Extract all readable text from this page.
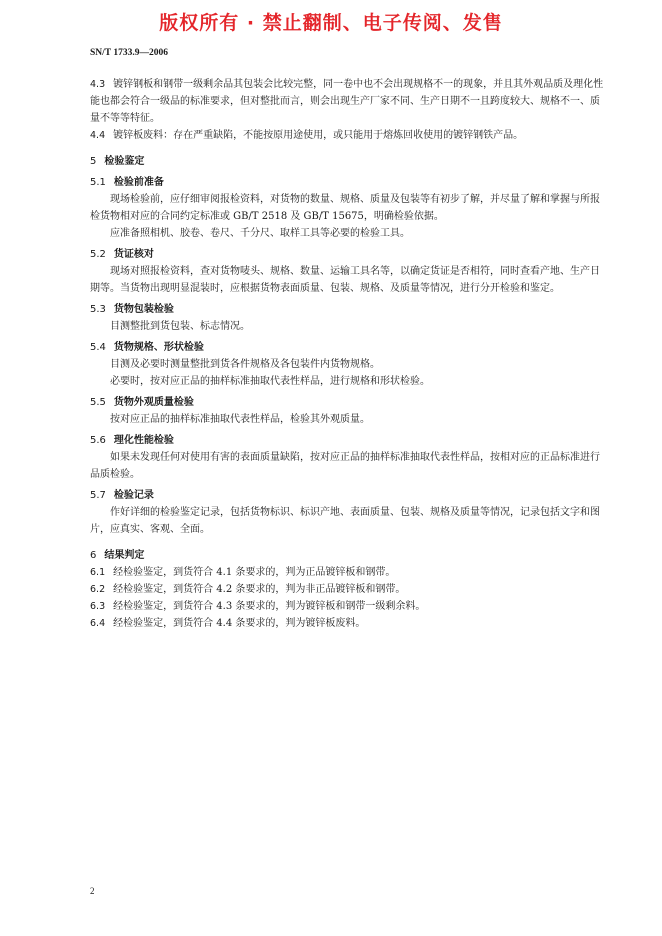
版权所有 · 禁止翻制、电子传阅、发售
SN/T 1733.9—2006

4.3 镀锌钢板和钢带一级剩余品其包装会比较完整，同一卷中也不会出现规格不一的现象，并且其外观品质及理化性能也都会符合一级品的标准要求，但对整批而言，则会出现生产厂家不同、生产日期不一且跨度较大、规格不一、质量不等等特征。

4.4 镀锌板废料：存在严重缺陷，不能按原用途使用，或只能用于熔炼回收使用的镀锌钢铁产品。

5 检验鉴定

5.1 检验前准备

现场检验前，应仔细审阅报检资料，对货物的数量、规格、质量及包装等有初步了解，并尽量了解和掌握与所报检货物相对应的合同约定标准或 GB/T 2518 及 GB/T 15675，明确检验依据。

应准备照相机、胶卷、卷尺、千分尺、取样工具等必要的检验工具。

5.2 货证核对

现场对照报检资料，查对货物唛头、规格、数量、运输工具名等，以确定货证是否相符，同时查看产地、生产日期等。当货物出现明显混装时，应根据货物表面质量、包装、规格、及质量等情况，进行分开检验和鉴定。

5.3 货物包装检验

目测整批到货包装、标志情况。

5.4 货物规格、形状检验

目测及必要时测量整批到货各件规格及各包装件内货物规格。

必要时，按对应正品的抽样标准抽取代表性样品，进行规格和形状检验。

5.5 货物外观质量检验

按对应正品的抽样标准抽取代表性样品，检验其外观质量。

5.6 理化性能检验

如果未发现任何对使用有害的表面质量缺陷，按对应正品的抽样标准抽取代表性样品，按相对应的正品标准进行品质检验。

5.7 检验记录

作好详细的检验鉴定记录，包括货物标识、标识产地、表面质量、包装、规格及质量等情况，记录包括文字和图片，应真实、客观、全面。

6 结果判定

6.1 经检验鉴定，到货符合 4.1 条要求的，判为正品镀锌板和钢带。

6.2 经检验鉴定，到货符合 4.2 条要求的，判为非正品镀锌板和钢带。

6.3 经检验鉴定，到货符合 4.3 条要求的，判为镀锌板和钢带一级剩余料。

6.4 经检验鉴定，到货符合 4.4 条要求的，判为镀锌板废料。

2
